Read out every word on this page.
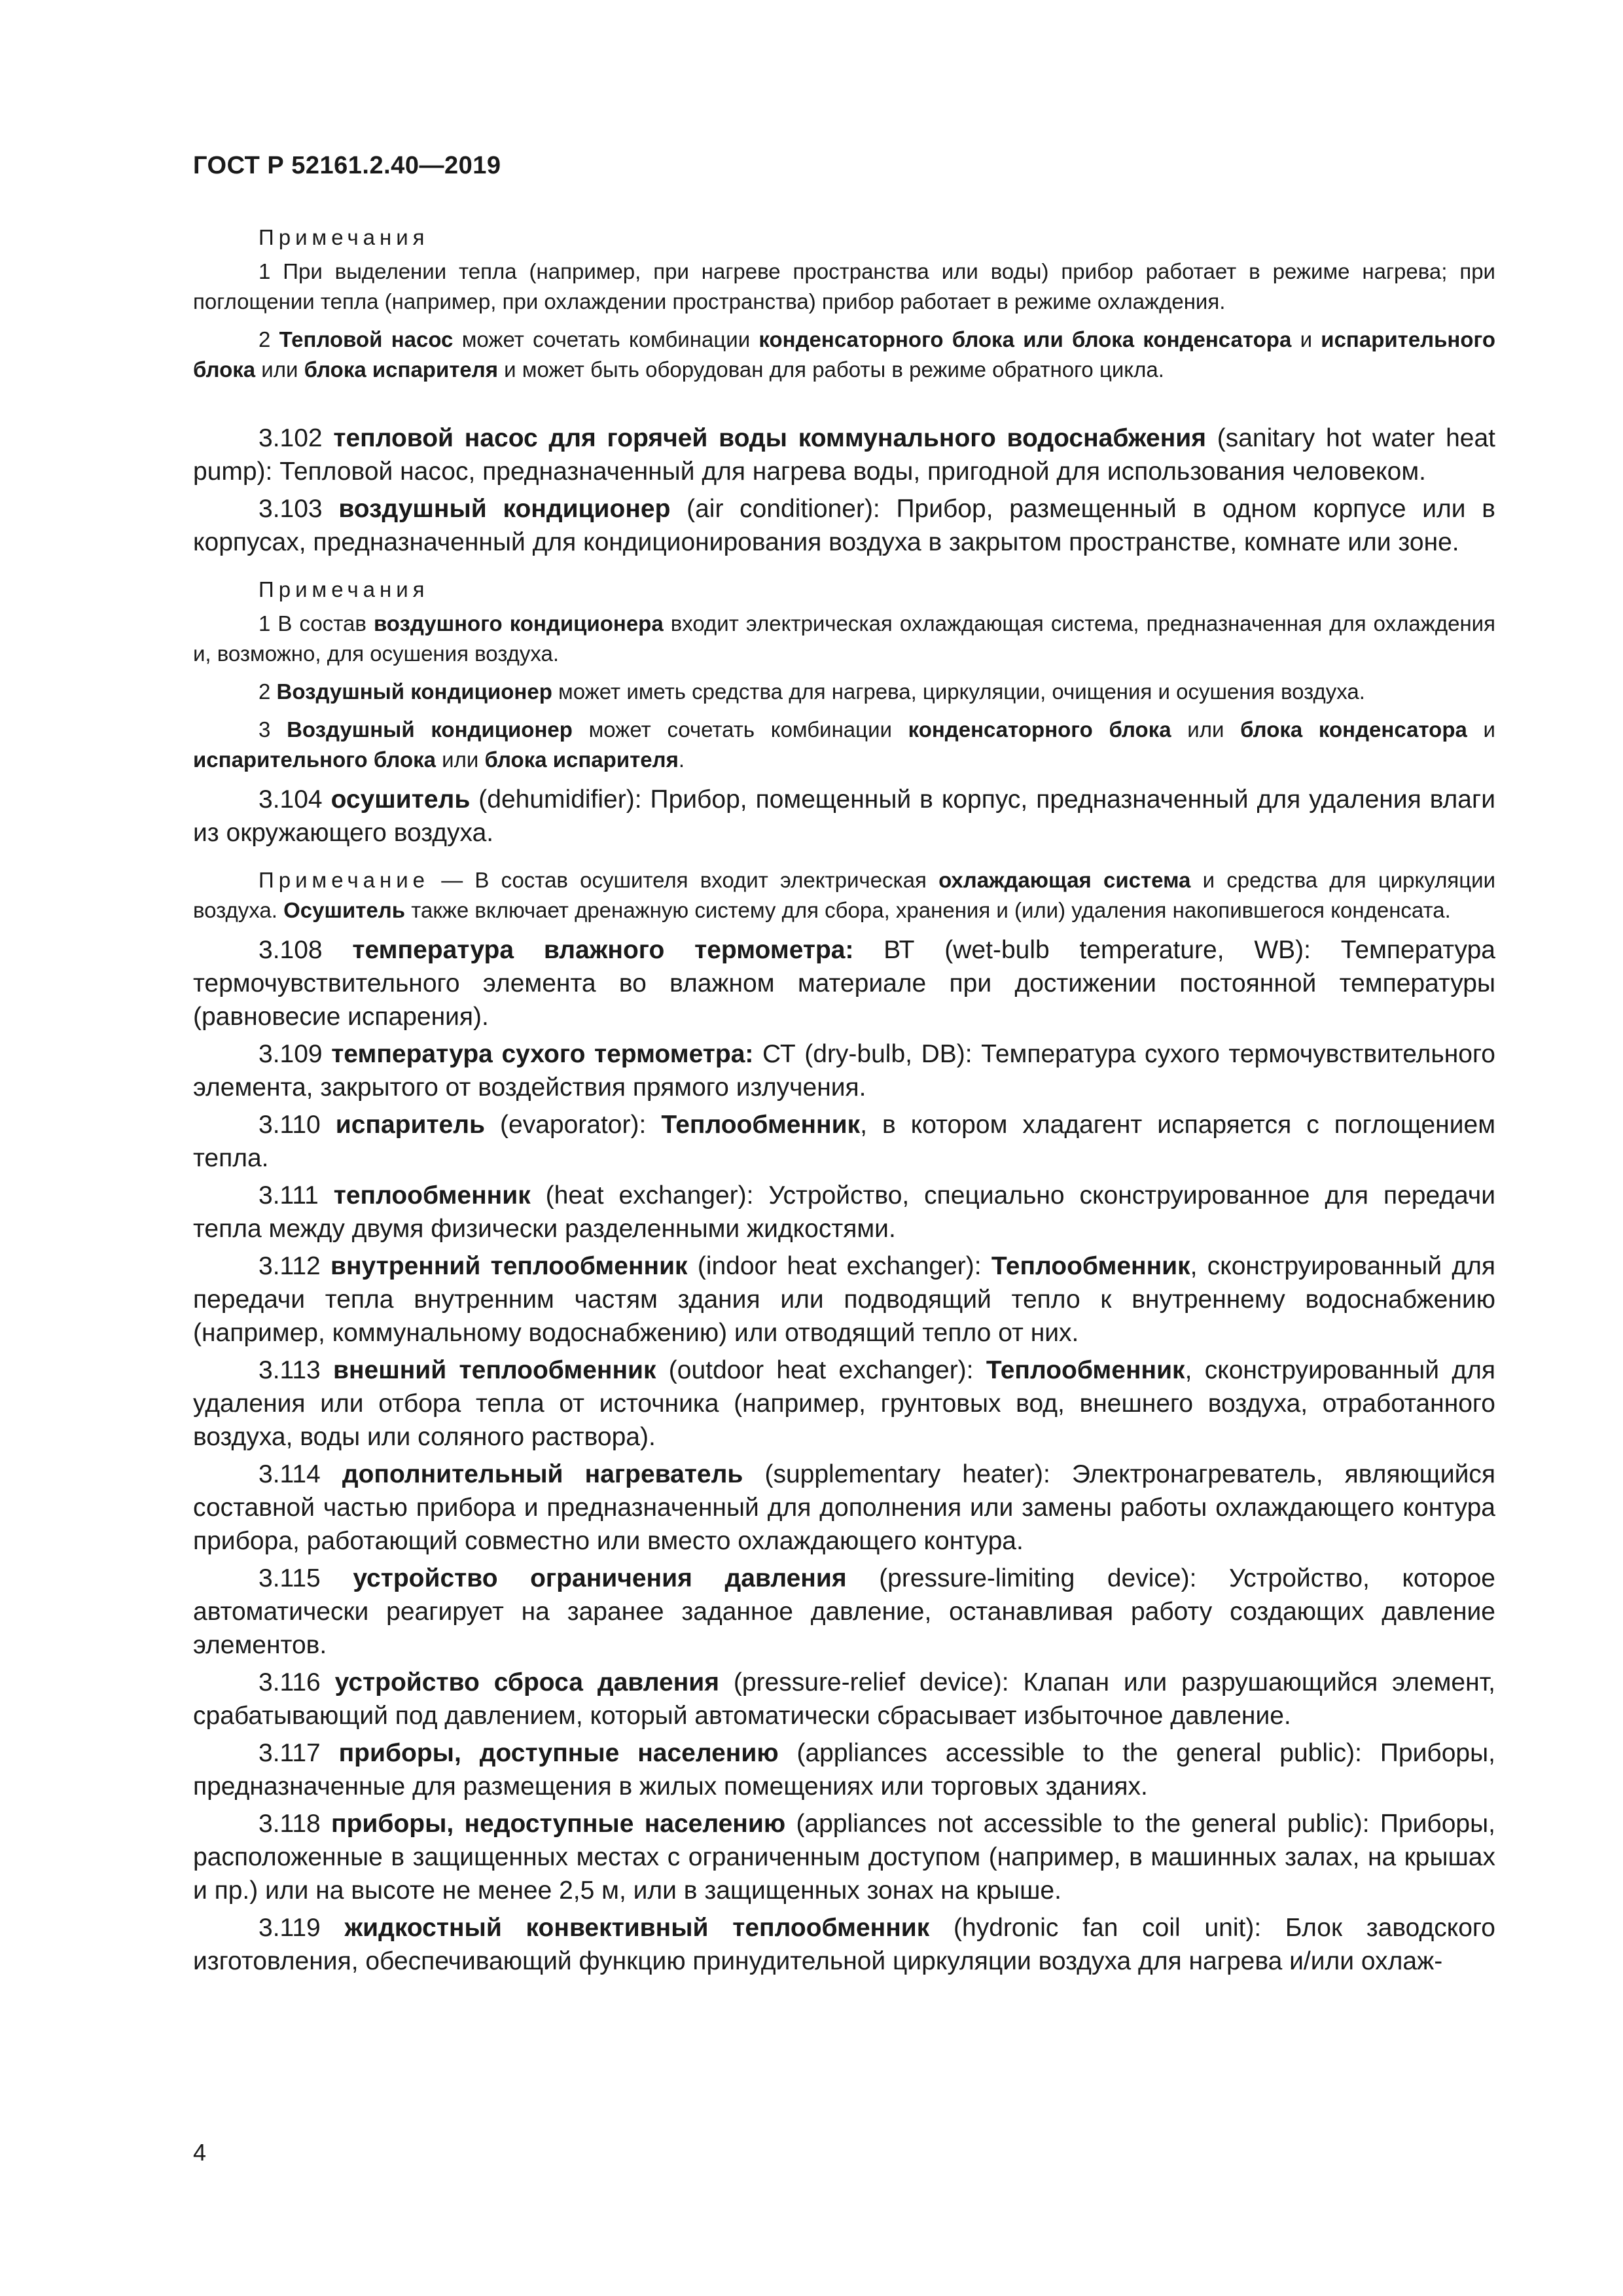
ГОСТ Р 52161.2.40—2019
Примечания

1 При выделении тепла (например, при нагреве пространства или воды) прибор работает в режиме нагрева; при поглощении тепла (например, при охлаждении пространства) прибор работает в режиме охлаждения.

2 Тепловой насос может сочетать комбинации конденсаторного блока или блока конденсатора и испарительного блока или блока испарителя и может быть оборудован для работы в режиме обратного цикла.

3.102 тепловой насос для горячей воды коммунального водоснабжения (sanitary hot water heat pump): Тепловой насос, предназначенный для нагрева воды, пригодной для использования человеком.

3.103 воздушный кондиционер (air conditioner): Прибор, размещенный в одном корпусе или в корпусах, предназначенный для кондиционирования воздуха в закрытом пространстве, комнате или зоне.

Примечания

1 В состав воздушного кондиционера входит электрическая охлаждающая система, предназначенная для охлаждения и, возможно, для осушения воздуха.

2 Воздушный кондиционер может иметь средства для нагрева, циркуляции, очищения и осушения воздуха.

3 Воздушный кондиционер может сочетать комбинации конденсаторного блока или блока конденсатора и испарительного блока или блока испарителя.

3.104 осушитель (dehumidifier): Прибор, помещенный в корпус, предназначенный для удаления влаги из окружающего воздуха.

Примечание — В состав осушителя входит электрическая охлаждающая система и средства для циркуляции воздуха. Осушитель также включает дренажную систему для сбора, хранения и (или) удаления накопившегося конденсата.

3.108 температура влажного термометра: ВТ (wet-bulb temperature, WB): Температура термочувствительного элемента во влажном материале при достижении постоянной температуры (равновесие испарения).

3.109 температура сухого термометра: СТ (dry-bulb, DB): Температура сухого термочувствительного элемента, закрытого от воздействия прямого излучения.

3.110 испаритель (evaporator): Теплообменник, в котором хладагент испаряется с поглощением тепла.

3.111 теплообменник (heat exchanger): Устройство, специально сконструированное для передачи тепла между двумя физически разделенными жидкостями.

3.112 внутренний теплообменник (indoor heat exchanger): Теплообменник, сконструированный для передачи тепла внутренним частям здания или подводящий тепло к внутреннему водоснабжению (например, коммунальному водоснабжению) или отводящий тепло от них.

3.113 внешний теплообменник (outdoor heat exchanger): Теплообменник, сконструированный для удаления или отбора тепла от источника (например, грунтовых вод, внешнего воздуха, отработанного воздуха, воды или соляного раствора).

3.114 дополнительный нагреватель (supplementary heater): Электронагреватель, являющийся составной частью прибора и предназначенный для дополнения или замены работы охлаждающего контура прибора, работающий совместно или вместо охлаждающего контура.

3.115 устройство ограничения давления (pressure-limiting device): Устройство, которое автоматически реагирует на заранее заданное давление, останавливая работу создающих давление элементов.

3.116 устройство сброса давления (pressure-relief device): Клапан или разрушающийся элемент, срабатывающий под давлением, который автоматически сбрасывает избыточное давление.

3.117 приборы, доступные населению (appliances accessible to the general public): Приборы, предназначенные для размещения в жилых помещениях или торговых зданиях.

3.118 приборы, недоступные населению (appliances not accessible to the general public): Приборы, расположенные в защищенных местах с ограниченным доступом (например, в машинных залах, на крышах и пр.) или на высоте не менее 2,5 м, или в защищенных зонах на крыше.

3.119 жидкостный конвективный теплообменник (hydronic fan coil unit): Блок заводского изготовления, обеспечивающий функцию принудительной циркуляции воздуха для нагрева и/или охлаж-

4
